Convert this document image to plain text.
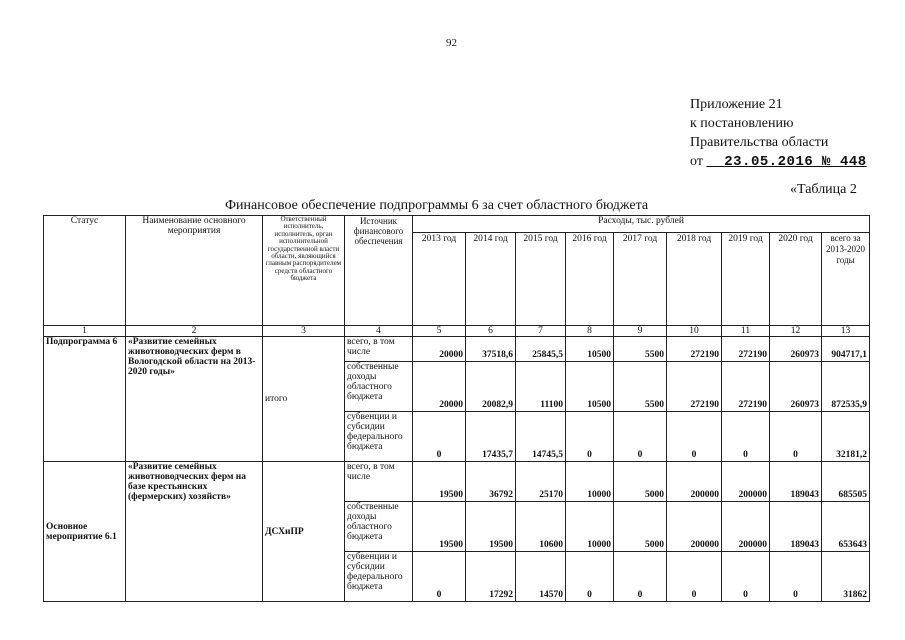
92
Приложение 21
к постановлению
Правительства области
от 23.05.2016 № 448
«Таблица 2
Финансовое обеспечение подпрограммы 6 за счет областного бюджета
Статус	Наименование основного мероприятия	Ответственный исполнитель, исполнитель, орган исполнительной государственной власти области, являющийся главным распорядителем средств областного бюджета	Источник финансового обеспечения	Расходы, тыс. рублей								
				2013 год	2014 год	2015 год	2016 год	2017 год	2018 год	2019 год	2020 год	всего за 2013-2020 годы
1	2	3	4	5	6	7	8	9	10	11	12	13
Подпрограмма 6	«Развитие семейных животноводческих ферм в Вологодской области на 2013-2020 годы»	итого	всего, в том числе	20000	37518,6	25845,5	10500	5500	272190	272190	260973	904717,1
			собственные доходы областного бюджета	20000	20082,9	11100	10500	5500	272190	272190	260973	872535,9
			субвенции и субсидии федерального бюджета	0	17435,7	14745,5	0	0	0	0	0	32181,2
Основное мероприятие 6.1	«Развитие семейных животноводческих ферм на базе крестьянских (фермерских) хозяйств»	ДСХиПР	всего, в том числе	19500	36792	25170	10000	5000	200000	200000	189043	685505
			собственные доходы областного бюджета	19500	19500	10600	10000	5000	200000	200000	189043	653643
			субвенции и субсидии федерального бюджета	0	17292	14570	0	0	0	0	0	31862
